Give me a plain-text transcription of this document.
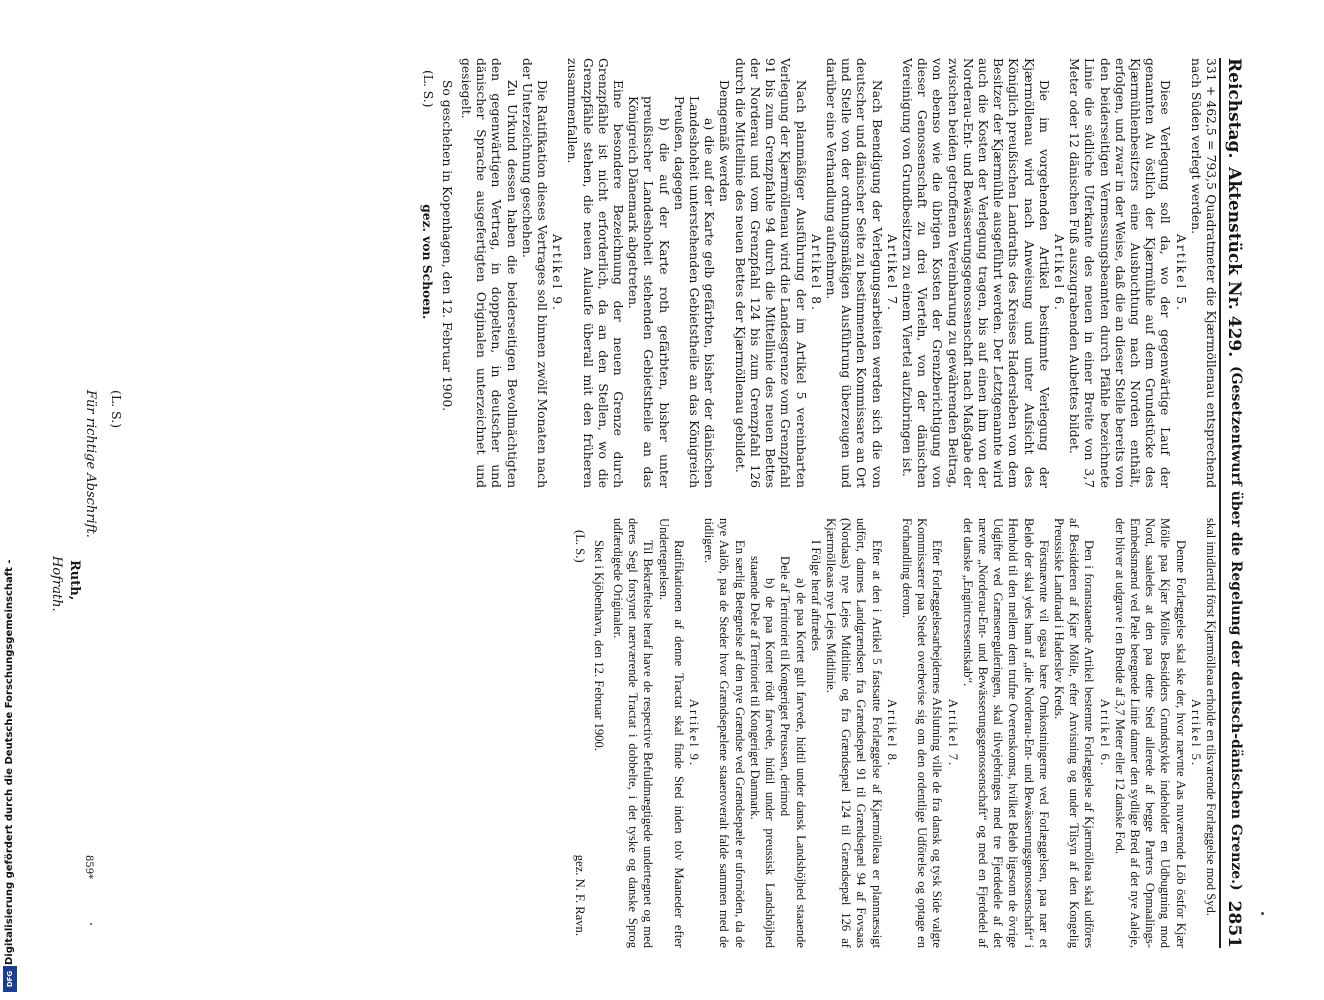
Reichstag.
Aktenstück Nr. 429.
(Gesetzentwurf über die Regelung der deutsch-dänischen Grenze.)
2851

331 + 462,5 = 793,5 Quadratmeter die Kjærmöllenau entsprechend nach Süden verlegt werden.

Artikel 5.

Diese Verlegung soll da, wo der gegenwärtige Lauf der genannten Au östlich der Kjærmühle auf dem Grundstücke des Kjærmühlenbesitzers eine Ausbuchtung nach Norden enthält, erfolgen, und zwar in der Weise, daß die an dieser Stelle bereits von den beiderseitigen Vermessungsbeamten durch Pfähle bezeichnete Linie die südliche Uferkante des neuen in einer Breite von 3,7 Meter oder 12 dänischen Fuß auszugrabenden Aubettes bildet.

Artikel 6.

Die im vorgehenden Artikel bestimmte Verlegung der Kjærmöllenau wird nach Anweisung und unter Aufsicht des Königlich preußischen Landraths des Kreises Hadersleben von dem Besitzer der Kjærmühle ausgeführt werden. Der Letztgenannte wird auch die Kosten der Verlegung tragen, bis auf einen ihm von der Norderau-Ent- und Bewässerungsgenossenschaft nach Maßgabe der zwischen beiden getroffenen Vereinbarung zu gewährenden Beitrag, von ebenso wie die übrigen Kosten der Grenzberichtigung von dieser Genossenschaft zu drei Vierteln, von der dänischen Vereinigung von Grundbesitzern zu einem Viertel aufzubringen ist.

Artikel 7.

Nach Beendigung der Verlegungsarbeiten werden sich die von deutscher und dänischer Seite zu bestimmenden Kommissare an Ort und Stelle von der ordnungsmäßigen Ausführung überzeugen und darüber eine Verhandlung aufnehmen.

Artikel 8.

Nach planmäßiger Ausführung der im Artikel 5 vereinbarten Verlegung der Kjærmöllenau wird die Landesgrenze vom Grenzpfahl 91 bis zum Grenzpfahle 94 durch die Mittellinie des neuen Bettes der Norderau und vom Grenzpfahl 124 bis zum Grenzpfahl 126 durch die Mittellinie des neuen Bettes der Kjærmöllenau gebildet.

Demgemäß werden

a) die auf der Karte gelb gefärbten, bisher der dänischen Landeshoheit unterstehenden Gebietstheile an das Königreich Preußen, dagegen

b) die auf der Karte roth gefärbten, bisher unter preußischer Landeshoheit stehenden Gebietstheile an das Königreich Dänemark abgetreten.

Eine besondere Bezeichnung der neuen Grenze durch Grenzpfähle ist nicht erforderlich, da an den Stellen, wo die Grenzpfähle stehen, die neuen Aulaufe überall mit den früheren zusammenfallen.

Artikel 9.

Die Ratifikation dieses Vertrages soll binnen zwölf Monaten nach der Unterzeichnung geschehen.

Zu Urkund dessen haben die beiderseitigen Bevollmächtigten den gegenwärtigen Vertrag, in doppelten, in deutscher und dänischer Sprache ausgefertigten Originalen unterzeichnet und gesiegelt.

So geschehen in Kopenhagen, den 12. Februar 1900.

(L. S.)
gez. von Schoen.

skal imidlertid först Kjærmölleaa erholde en tilsvarende Forlæggelse mod Syd.

Artikel 5.

Denne Forlæggelse skal ske der, hvor nævnte Aas nuværende Löb östfor Kjær Mölle paa Kjær Mölles Besidders Grundstykke indeholder en Udbugtning mod Nord, saaledes at den paa dette Sted allerede af begge Parters Opmaalings-Embedsmænd ved Pæle betegnede Linie danner den sydlige Bred af det nye Aaleje, der bliver at udgrave i en Bredde af 3,7 Meter eller 12 danske Fod.

Artikel 6.

Den i foranstaaende Artikel bestemte Forlæggelse af Kjærmölleaa skal udföres af Besidderen af Kjær Mölle, efter Anvisning og under Tilsyn af den Kongelig Preussiske Landraad i Haderslev Kreds.

Förstnævnte vil ogsaa bære Omkostningerne ved Forlæggelsen, paa nær et Beløb der skal ydes ham af „die Norderau-Ent- und Bewässerungsgenossenschaft“ i Henhold til den mellem dem trufne Overenskomst, hvilket Beløb ligesom de övrige Udgifter ved Grænsereguleringen, skal tilvejebringes med tre Fjerdedele af det nævnte „Norderau-Ent- und Bewässerungsgenossenschaft“ og med en Fjerdedel af det danske „Engintcressentskab“.

Artikel 7.

Efter Forlæggelsesarbejdernes Afslutning ville de fra dansk og tysk Side valgte Kommissærer paa Stedet overbevise sig om den ordentlige Udförelse og optage en Forhandling derom.

Artikel 8.

Efter at den i Artikel 5 fastsatte Forlæggelse af Kjærmölleaa er planmæssigt udfört, dannes Landgrændsen fra Grændsepæl 91 til Grændsepæl 94 af Fovsaas (Nordaas) nye Lejes Midtlinie og fra Grændsepæl 124 til Grændsepæl 126 af Kjærmölleaas nye Lejes Midtlinie.

I Fölge heraf aftrædes

a) de paa Kortet gult farvede, hidtil under dansk Landshöjhed staaende Dele af Territoriet til Kongeriget Preussen, derimod

b) de paa Kortet rödt farvede, hidtil under preussisk Landshöjhed staaende Dele af Territoriet til Kongeriget Danmark.

En særlig Betegnelse af den nye Grændse ved Grændsepæle er ufornöden, da de nye Aalöb, paa de Steder hvor Grændsepælene staaeroveralt falde sammen med de tidligere.

Artikel 9.

Ratifikationen af denne Tractat skal finde Sted inden tolv Maaneder efter Undertegnelsen.

Til Bekræftelse heraf have de respective Befuldmægtigede undertegnet og med deres Segl forsynet nærværende Tractat i dobbelte, i det tyske og danske Sprog udfærdigede Originaler.

Sket i Kjöbenhavn, den 12. Februar 1900.

(L. S.)
gez. N. F. Ravn.
(L. S.)
Für richtige Abschrift.
Ruth,
Hofrath.
859*
Digitalisierung gefördert durch die Deutsche Forschungsgemeinschaft -
DFG
